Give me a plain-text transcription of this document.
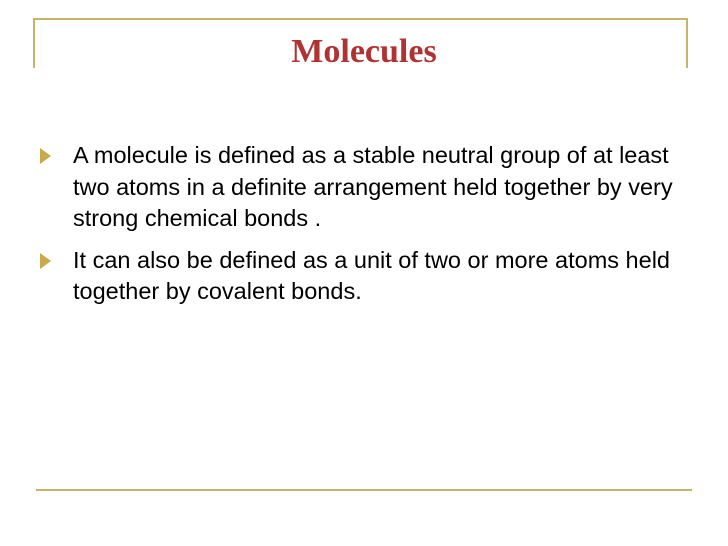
Molecules
A molecule is defined as a stable neutral group of at least two atoms in a definite arrangement held together by very strong chemical bonds .
It can also be defined as a unit of two or more atoms held together by covalent bonds.
